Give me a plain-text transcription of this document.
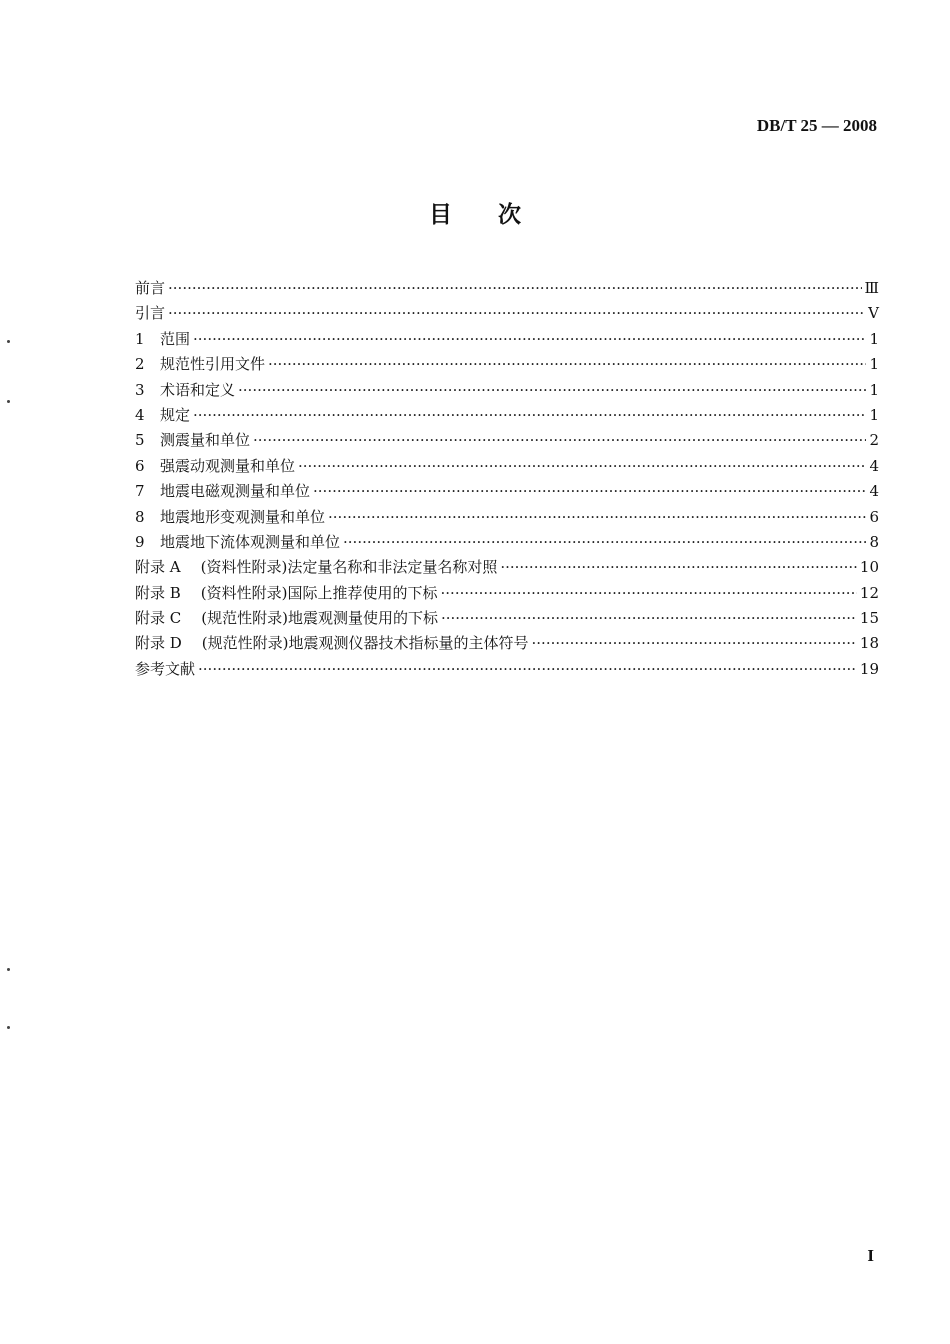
DB/T 25 — 2008
目 次
前言 ·····	Ⅲ
引言 ·····	V
1	范围 ·····	1
2	规范性引用文件 ·····	1
3	术语和定义 ·····	1
4	规定 ·····	1
5	测震量和单位 ·····	2
6	强震动观测量和单位 ·····	4
7	地震电磁观测量和单位 ·····	4
8	地震地形变观测量和单位 ·····	6
9	地震地下流体观测量和单位 ·····	8
附录 A (资料性附录)法定量名称和非法定量名称对照 ·····	10
附录 B (资料性附录)国际上推荐使用的下标 ·····	12
附录 C (规范性附录)地震观测量使用的下标 ·····	15
附录 D (规范性附录)地震观测仪器技术指标量的主体符号 ·····	18
参考文献 ·····	19
I
